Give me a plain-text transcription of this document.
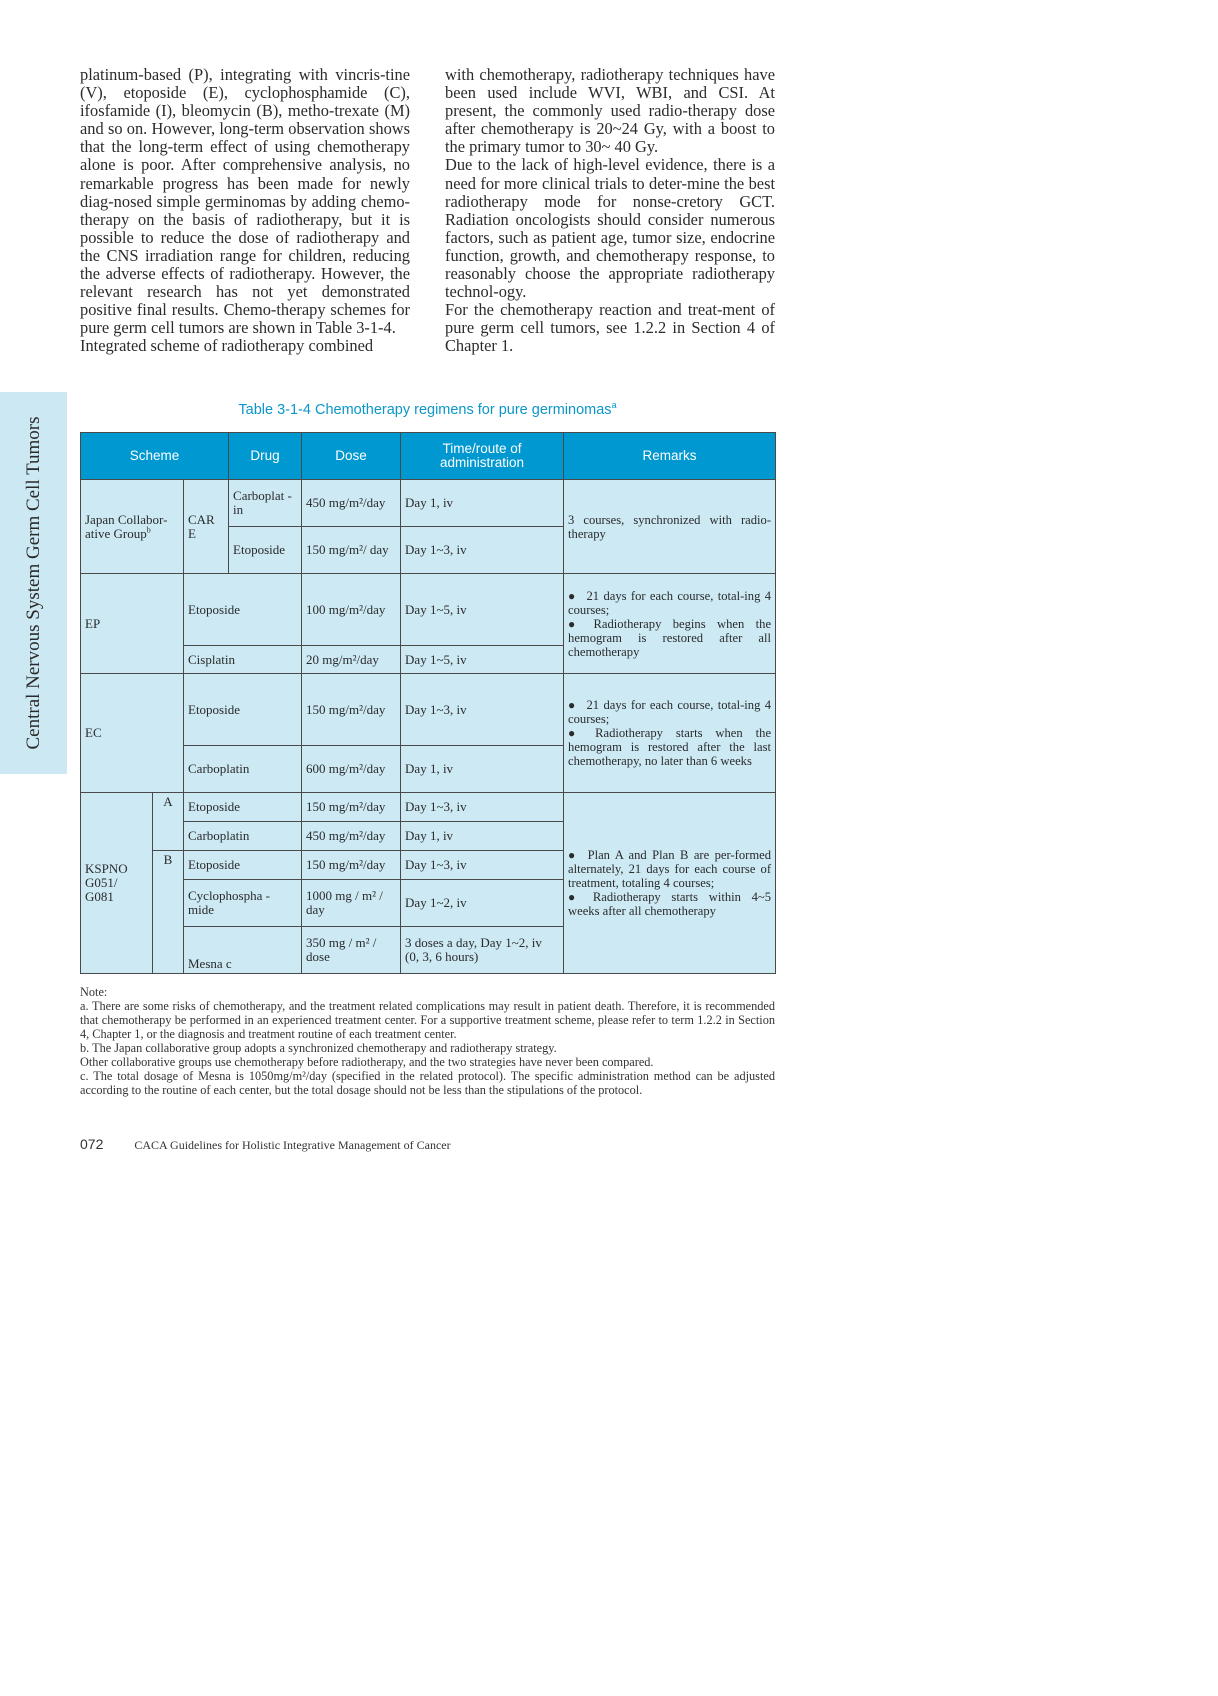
Central Nervous System Germ Cell Tumors

platinum-based (P), integrating with vincris-tine (V), etoposide (E), cyclophosphamide (C), ifosfamide (I), bleomycin (B), metho-trexate (M) and so on. However, long-term observation shows that the long-term effect of using chemotherapy alone is poor. After comprehensive analysis, no remarkable progress has been made for newly diag-nosed simple germinomas by adding chemo-therapy on the basis of radiotherapy, but it is possible to reduce the dose of radiotherapy and the CNS irradiation range for children, reducing the adverse effects of radiotherapy. However, the relevant research has not yet demonstrated positive final results. Chemo-therapy schemes for pure germ cell tumors are shown in Table 3-1-4.

Integrated scheme of radiotherapy combined

with chemotherapy, radiotherapy techniques have been used include WVI, WBI, and CSI. At present, the commonly used radio-therapy dose after chemotherapy is 20~24 Gy, with a boost to the primary tumor to 30~ 40 Gy.

Due to the lack of high-level evidence, there is a need for more clinical trials to deter-mine the best radiotherapy mode for nonse-cretory GCT. Radiation oncologists should consider numerous factors, such as patient age, tumor size, endocrine function, growth, and chemotherapy response, to reasonably choose the appropriate radiotherapy technol-ogy.

For the chemotherapy reaction and treat-ment of pure germ cell tumors, see 1.2.2 in Section 4 of Chapter 1.

Table 3-1-4 Chemotherapy regimens for pure germinomas$^a$
Scheme			Drug	Dose	Time/route of administration	Remarks
Japan Collabor-ative Group$^b$		CAR E	Carboplat - in	450 mg/m²/day	Day 1, iv	3 courses, synchronized with radio-therapy
			Etoposide	150 mg/m²/ day	Day 1~3, iv	
EP		Etoposide		100 mg/m²/day	Day 1~5, iv	● 21 days for each course, total-ing 4 courses;
● Radiotherapy begins when the hemogram is restored after all chemotherapy

		Cisplatin		20 mg/m²/day	Day 1~5, iv	
EC		Etoposide		150 mg/m²/day	Day 1~3, iv	● 21 days for each course, total-ing 4 courses;
● Radiotherapy starts when the hemogram is restored after the last chemotherapy, no later than 6 weeks

		Carboplatin		600 mg/m²/day	Day 1, iv	
KSPNO G051/ G081	A	Etoposide		150 mg/m²/day	Day 1~3, iv	● Plan A and Plan B are per-formed alternately, 21 days for each course of treatment, totaling 4 courses;
● Radiotherapy starts within 4~5 weeks after all chemotherapy

		Carboplatin		450 mg/m²/day	Day 1, iv	
	B	Etoposide		150 mg/m²/day	Day 1~3, iv	
		Cyclophospha - mide		1000 mg / m² / day	Day 1~2, iv	
		Mesna c		350 mg / m² / dose	3 doses a day, Day 1~2, iv (0, 3, 6 hours)	

Note:

a. There are some risks of chemotherapy, and the treatment related complications may result in patient death. Therefore, it is recommended that chemotherapy be performed in an experienced treatment center. For a supportive treatment scheme, please refer to term 1.2.2 in Section 4, Chapter 1, or the diagnosis and treatment routine of each treatment center.

b. The Japan collaborative group adopts a synchronized chemotherapy and radiotherapy strategy.

Other collaborative groups use chemotherapy before radiotherapy, and the two strategies have never been compared.

c. The total dosage of Mesna is 1050mg/m²/day (specified in the related protocol). The specific administration method can be adjusted according to the routine of each center, but the total dosage should not be less than the stipulations of the protocol.

072	CACA Guidelines for Holistic Integrative Management of Cancer
